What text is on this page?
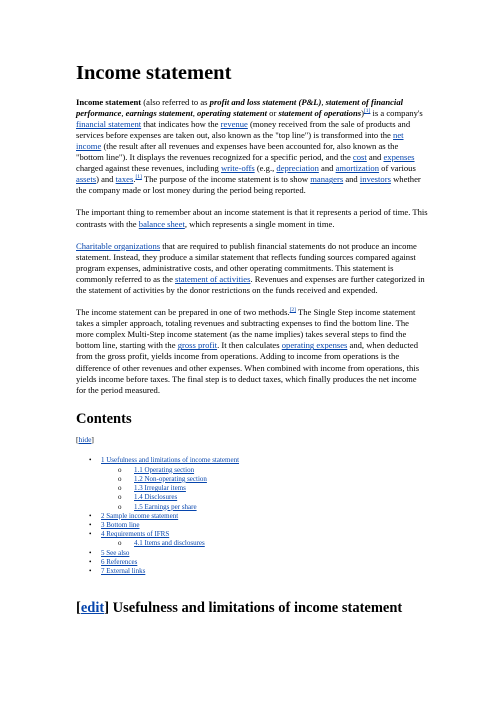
Income statement

Income statement (also referred to as profit and loss statement (P&L), statement of financial performance, earnings statement, operating statement or statement of operations)[1] is a company's financial statement that indicates how the revenue (money received from the sale of products and services before expenses are taken out, also known as the "top line") is transformed into the net income (the result after all revenues and expenses have been accounted for, also known as the "bottom line"). It displays the revenues recognized for a specific period, and the cost and expenses charged against these revenues, including write-offs (e.g., depreciation and amortization of various assets) and taxes.[1] The purpose of the income statement is to show managers and investors whether the company made or lost money during the period being reported.

The important thing to remember about an income statement is that it represents a period of time. This contrasts with the balance sheet, which represents a single moment in time.

Charitable organizations that are required to publish financial statements do not produce an income statement. Instead, they produce a similar statement that reflects funding sources compared against program expenses, administrative costs, and other operating commitments. This statement is commonly referred to as the statement of activities. Revenues and expenses are further categorized in the statement of activities by the donor restrictions on the funds received and expended.

The income statement can be prepared in one of two methods.[2] The Single Step income statement takes a simpler approach, totaling revenues and subtracting expenses to find the bottom line. The more complex Multi-Step income statement (as the name implies) takes several steps to find the bottom line, starting with the gross profit. It then calculates operating expenses and, when deducted from the gross profit, yields income from operations. Adding to income from operations is the difference of other revenues and other expenses. When combined with income from operations, this yields income before taxes. The final step is to deduct taxes, which finally produces the net income for the period measured.

Contents
[hide]
•	1 Usefulness and limitations of income statement
o	1.1 Operating section
o	1.2 Non-operating section
o	1.3 Irregular items
o	1.4 Disclosures
o	1.5 Earnings per share
•	2 Sample income statement
•	3 Bottom line
•	4 Requirements of IFRS
o	4.1 Items and disclosures
•	5 See also
•	6 References
•	7 External links
[edit] Usefulness and limitations of income statement
